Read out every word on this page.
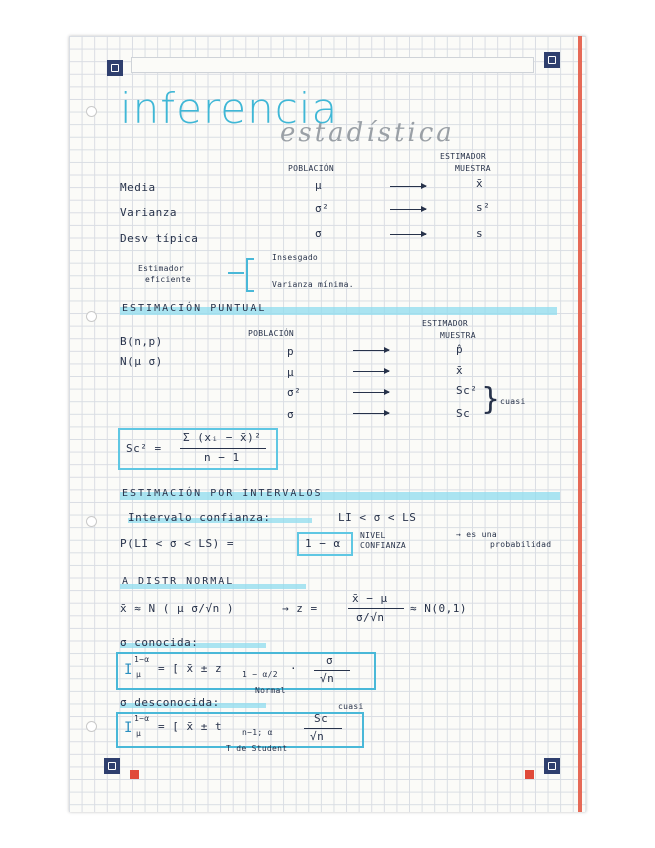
inferencia
estadística
POBLACIÓN
ESTIMADOR
MUESTRA
Media	μ	x̄
Varianza	σ²	s²
Desv típica	σ	s
Estimador
eficiente
Insesgado
Varianza mínima.
ESTIMACIÓN PUNTUAL
B(n,p)
N(μ σ)
POBLACIÓN
ESTIMADOR
MUESTRA
p	p̂
μ	x̄
σ²	Sc²
σ	Sc } cuasi
Sc² =
Σ (xᵢ − x̄)²
n − 1
ESTIMACIÓN POR INTERVALOS
Intervalo confianza:	LI < σ < LS
P(LI < σ < LS) =	1 − α
NIVEL
CONFIANZA
→ es una
probabilidad
A DISTR NORMAL
x̄ ≈ N ( μ σ/√n )	→ z =
x̄ − μ
σ/√n
≈ N(0,1)
σ conocida:
I
1−α
μ = [ x̄ ± z 1 − α/2 ·
σ
√n
Normal
σ desconocida:
I
1−α
μ
= [ x̄ ± t n−1; α
Sc
√n
cuasi
T de Student
